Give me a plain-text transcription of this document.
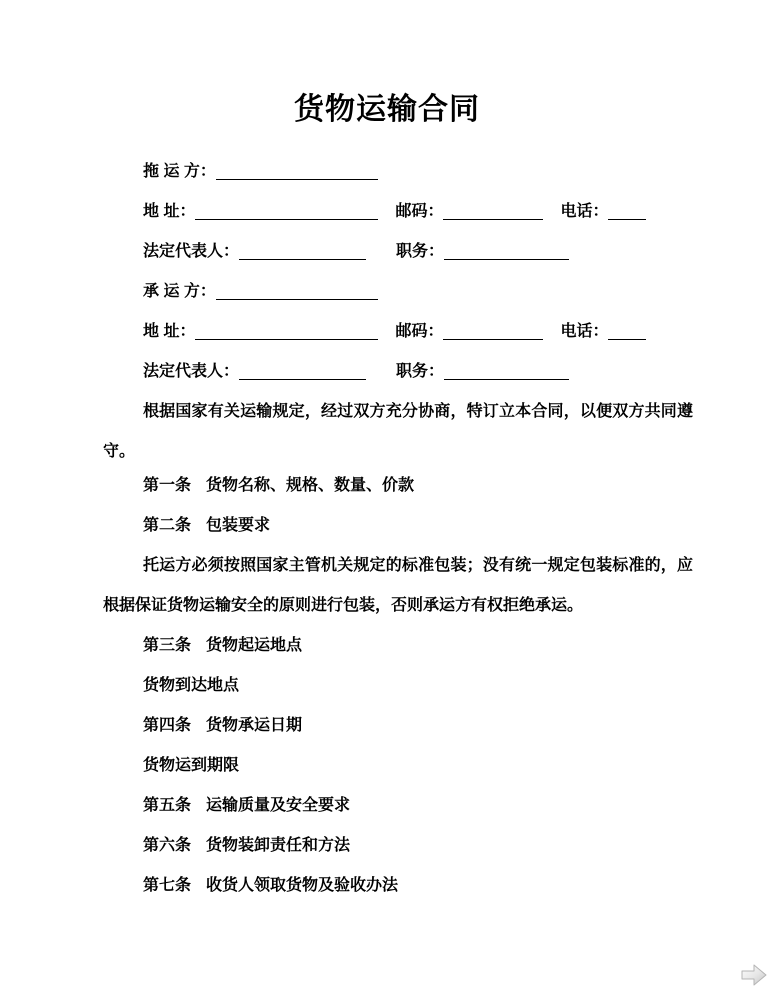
货物运输合同
拖 运 方：
地 址：	邮码：	电话：
法定代表人：	职务：
承 运 方：
地 址：	邮码：	电话：
法定代表人：	职务：

根据国家有关运输规定，经过双方充分协商，特订立本合同，以便双方共同遵守。

第一条 货物名称、规格、数量、价款
第二条 包装要求

托运方必须按照国家主管机关规定的标准包装；没有统一规定包装标准的，应根据保证货物运输安全的原则进行包装，否则承运方有权拒绝承运。

第三条 货物起运地点
货物到达地点
第四条 货物承运日期
货物运到期限
第五条 运输质量及安全要求
第六条 货物装卸责任和方法
第七条 收货人领取货物及验收办法
